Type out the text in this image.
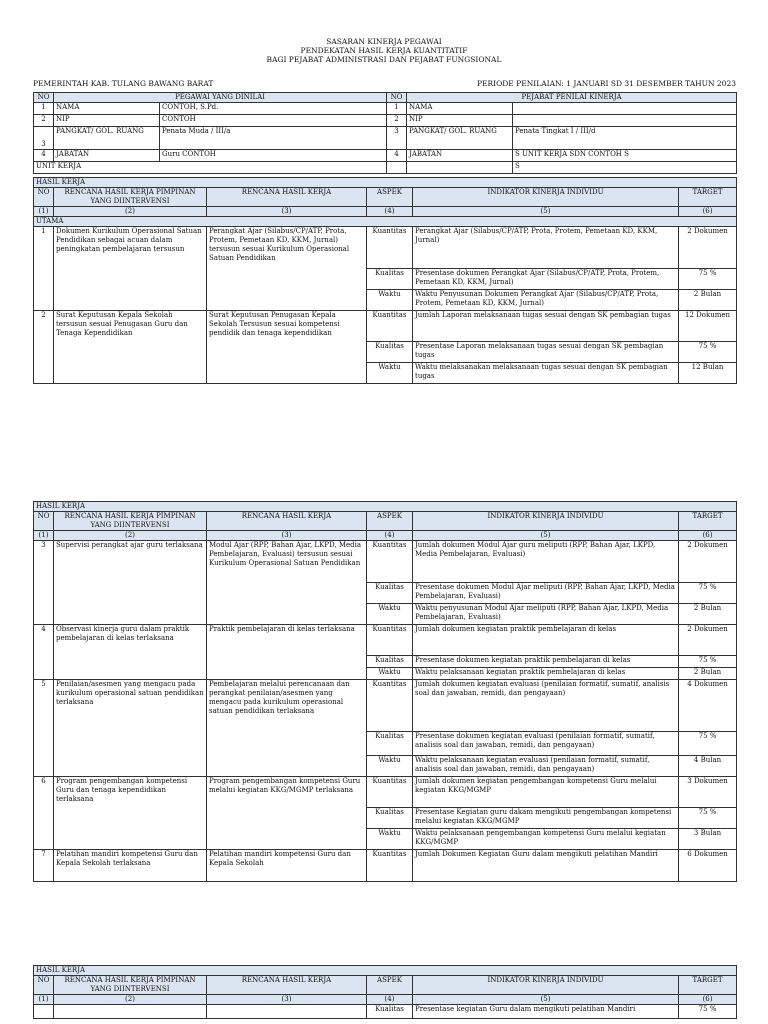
SASARAN KINERJA PEGAWAI
PENDEKATAN HASIL KERJA KUANTITATIF
BAGI PEJABAT ADMINISTRASI DAN PEJABAT FUNGSIONAL
PEMERINTAH KAB. TULANG BAWANG BARAT	PERIODE PENILAIAN: 1 JANUARI SD 31 DESEMBER TAHUN 2023
NO	PEGAWAI YANG DINILAI		NO	PEJABAT PENILAI KINERJA	
1	NAMA	CONTOH, S.Pd.	1	NAMA	
2	NIP	CONTOH	2	NIP	
3	PANGKAT/ GOL. RUANG	Penata Muda / III/a	3	PANGKAT/ GOL. RUANG	Penata Tingkat I / III/d
4	JABATAN	Guru CONTOH	4	JABATAN	S UNIT KERJA SDN CONTOH S
UNIT KERJA					S
HASIL KERJA					
NO	RENCANA HASIL KERJA PIMPINAN YANG DIINTERVENSI	RENCANA HASIL KERJA	ASPEK	INDIKATOR KINERJA INDIVIDU	TARGET
(1)	(2)	(3)	(4)	(5)	(6)
UTAMA					
1	Dokumen Kurikulum Operasional Satuan Pendidikan sebagai acuan dalam peningkatan pembelajaran tersusun	Perangkat Ajar (Silabus/CP/ATP, Prota, Protem, Pemetaan KD, KKM, Jurnal) tersusun sesuai Kurikulum Operasional Satuan Pendidikan	Kuantitas	Perangkat Ajar (Silabus/CP/ATP, Prota, Protem, Pemetaan KD, KKM, Jurnal)	2 Dokumen
			Kualitas	Presentase dokumen Perangkat Ajar (Silabus/CP/ATP, Prota, Protem, Pemetaan KD, KKM, Jurnal)	75 %
			Waktu	Waktu Penyusunan Dokumen Perangkat Ajar (Silabus/CP/ATP, Prota, Protem, Pemetaan KD, KKM, Jurnal)	2 Bulan
2	Surat Keputusan Kepala Sekolah tersusun sesuai Penugasan Guru dan Tenaga Kependidikan	Surat Keputusan Penugasan Kepala Sekolah Tersusun sesuai kompetensi pendidik dan tenaga kependidikan	Kuantitas	Jumlah Laporan melaksanaan tugas sesuai dengan SK pembagian tugas	12 Dokumen
			Kualitas	Presentase Laporan melaksanaan tugas sesuai dengan SK pembagian tugas	75 %
			Waktu	Waktu melaksanakan melaksanaan tugas sesuai dengan SK pembagian tugas	12 Bulan
HASIL KERJA					
NO	RENCANA HASIL KERJA PIMPINAN YANG DIINTERVENSI	RENCANA HASIL KERJA	ASPEK	INDIKATOR KINERJA INDIVIDU	TARGET
(1)	(2)	(3)	(4)	(5)	(6)
3	Supervisi perangkat ajar guru terlaksana	Modul Ajar (RPP, Bahan Ajar, LKPD, Media Pembelajaran, Evaluasi) tersusun sesuai Kurikulum Operasional Satuan Pendidikan	Kuantitas	Jumlah dokumen Modul Ajar guru meliputi (RPP, Bahan Ajar, LKPD, Media Pembelajaran, Evaluasi)	2 Dokumen
			Kualitas	Presentase dokumen Modul Ajar meliputi (RPP, Bahan Ajar, LKPD, Media Pembelajaran, Evaluasi)	75 %
			Waktu	Waktu penyusunan Modul Ajar meliputi (RPP, Bahan Ajar, LKPD, Media Pembelajaran, Evaluasi)	2 Bulan
4	Observasi kinerja guru dalam praktik pembelajaran di kelas terlaksana	Praktik pembelajaran di kelas terlaksana	Kuantitas	Jumlah dokumen kegiatan praktik pembelajaran di kelas	2 Dokumen
			Kualitas	Presentase dokumen kegiatan praktik pembelajaran di kelas	75 %
			Waktu	Waktu pelaksanaan kegiatan praktik pembelajaran di kelas	2 Bulan
5	Penilaian/asesmen yang mengacu pada kurikulum operasional satuan pendidikan terlaksana	Pembelajaran melalui perencanaan dan perangkat penilaian/asesmen yang mengacu pada kurikulum operasional satuan pendidikan terlaksana	Kuantitas	Jumlah dokumen kegiatan evaluasi (penilaian formatif, sumatif, analisis soal dan jawaban, remidi, dan pengayaan)	4 Dokumen
			Kualitas	Presentase dokumen kegiatan evaluasi (penilaian formatif, sumatif, analisis soal dan jawaban, remidi, dan pengayaan)	75 %
			Waktu	Waktu pelaksanaan kegiatan evaluasi (penilaian formatif, sumatif, analisis soal dan jawaban, remidi, dan pengayaan)	4 Bulan
6	Program pengembangan kompetensi Guru dan tenaga kependidikan terlaksana	Program pengembangan kompetensi Guru melalui kegiatan KKG/MGMP terlaksana	Kuantitas	Jumlah dokumen kegiatan pengembangan kompetensi Guru melalui kegiatan KKG/MGMP	3 Dokumen
			Kualitas	Presentase Kegiatan guru dakam mengikuti pengembangan kompetensi melalui kegiatan KKG/MGMP	75 %
			Waktu	Waktu pelaksanaan pengembangan kompetensi Guru melalui kegiatan KKG/MGMP	3 Bulan
7	Pelatihan mandiri kompetensi Guru dan Kepala Sekolah terlaksana	Pelatihan mandiri kompetensi Guru dan Kepala Sekolah	Kuantitas	Jumlah Dokumen Kegiatan Guru dalam mengikuti pelatihan Mandiri	6 Dokumen
HASIL KERJA					
NO	RENCANA HASIL KERJA PIMPINAN YANG DIINTERVENSI	RENCANA HASIL KERJA	ASPEK	INDIKATOR KINERJA INDIVIDU	TARGET
(1)	(2)	(3)	(4)	(5)	(6)
			Kualitas	Presentase kegiatan Guru dalam mengikuti pelatihan Mandiri	75 %
